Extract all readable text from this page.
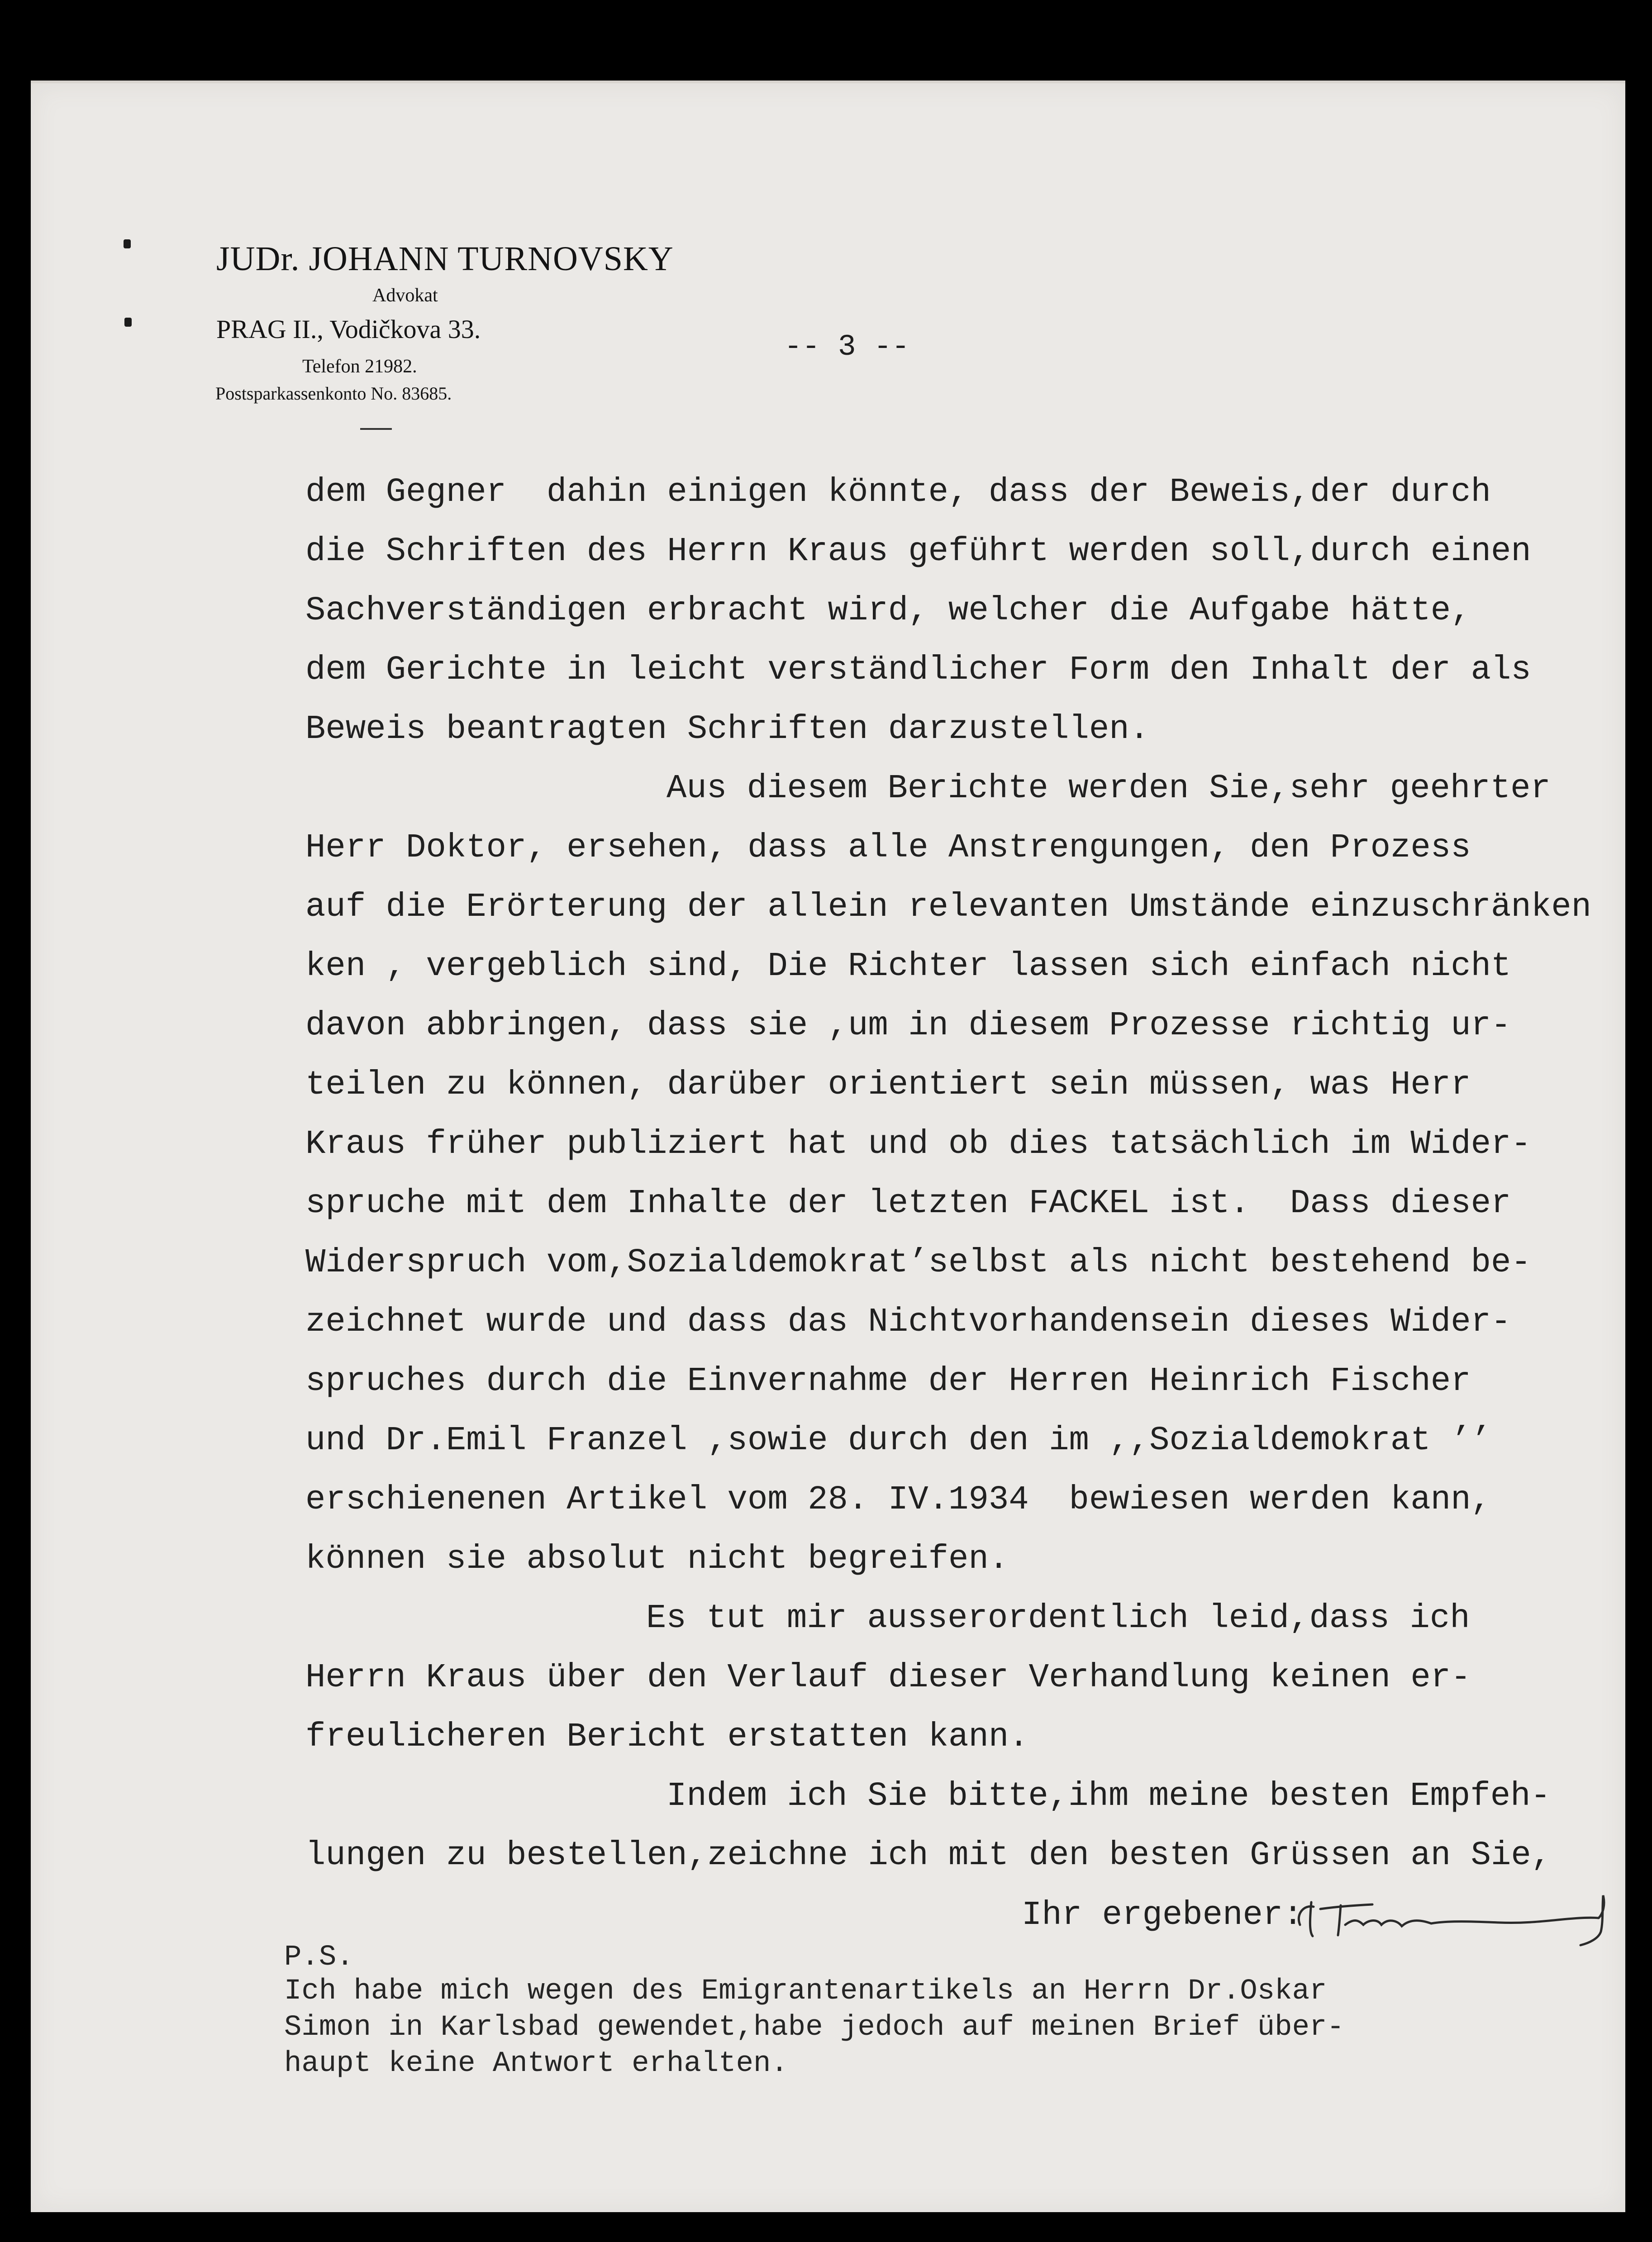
JUDr. JOHANN TURNOVSKY
Advokat
PRAG II., Vodičkova 33.
Telefon 21982.
Postsparkassenkonto No. 83685.
-- 3 --
dem Gegner  dahin einigen könnte, dass der Beweis,der durch
die Schriften des Herrn Kraus geführt werden soll,durch einen
Sachverständigen erbracht wird, welcher die Aufgabe hätte,
dem Gerichte in leicht verständlicher Form den Inhalt der als
Beweis beantragten Schriften darzustellen.
Aus diesem Berichte werden Sie,sehr geehrter
Herr Doktor, ersehen, dass alle Anstrengungen, den Prozess
auf die Erörterung der allein relevanten Umstände einzuschränken
ken , vergeblich sind, Die Richter lassen sich einfach nicht
davon abbringen, dass sie ,um in diesem Prozesse richtig ur-
teilen zu können, darüber orientiert sein müssen, was Herr
Kraus früher publiziert hat und ob dies tatsächlich im Wider-
spruche mit dem Inhalte der letzten FACKEL ist.  Dass dieser
Widerspruch vom,Sozialdemokrat’selbst als nicht bestehend be-
zeichnet wurde und dass das Nichtvorhandensein dieses Wider-
spruches durch die Einvernahme der Herren Heinrich Fischer
und Dr.Emil Franzel ,sowie durch den im ,,Sozialdemokrat ’’
erschienenen Artikel vom 28. IV.1934  bewiesen werden kann,
können sie absolut nicht begreifen.
Es tut mir ausserordentlich leid,dass ich
Herrn Kraus über den Verlauf dieser Verhandlung keinen er-
freulicheren Bericht erstatten kann.
Indem ich Sie bitte,ihm meine besten Empfeh-
lungen zu bestellen,zeichne ich mit den besten Grüssen an Sie,
Ihr ergebener:
P.S.
Ich habe mich wegen des Emigrantenartikels an Herrn Dr.Oskar
Simon in Karlsbad gewendet,habe jedoch auf meinen Brief über-
haupt keine Antwort erhalten.
